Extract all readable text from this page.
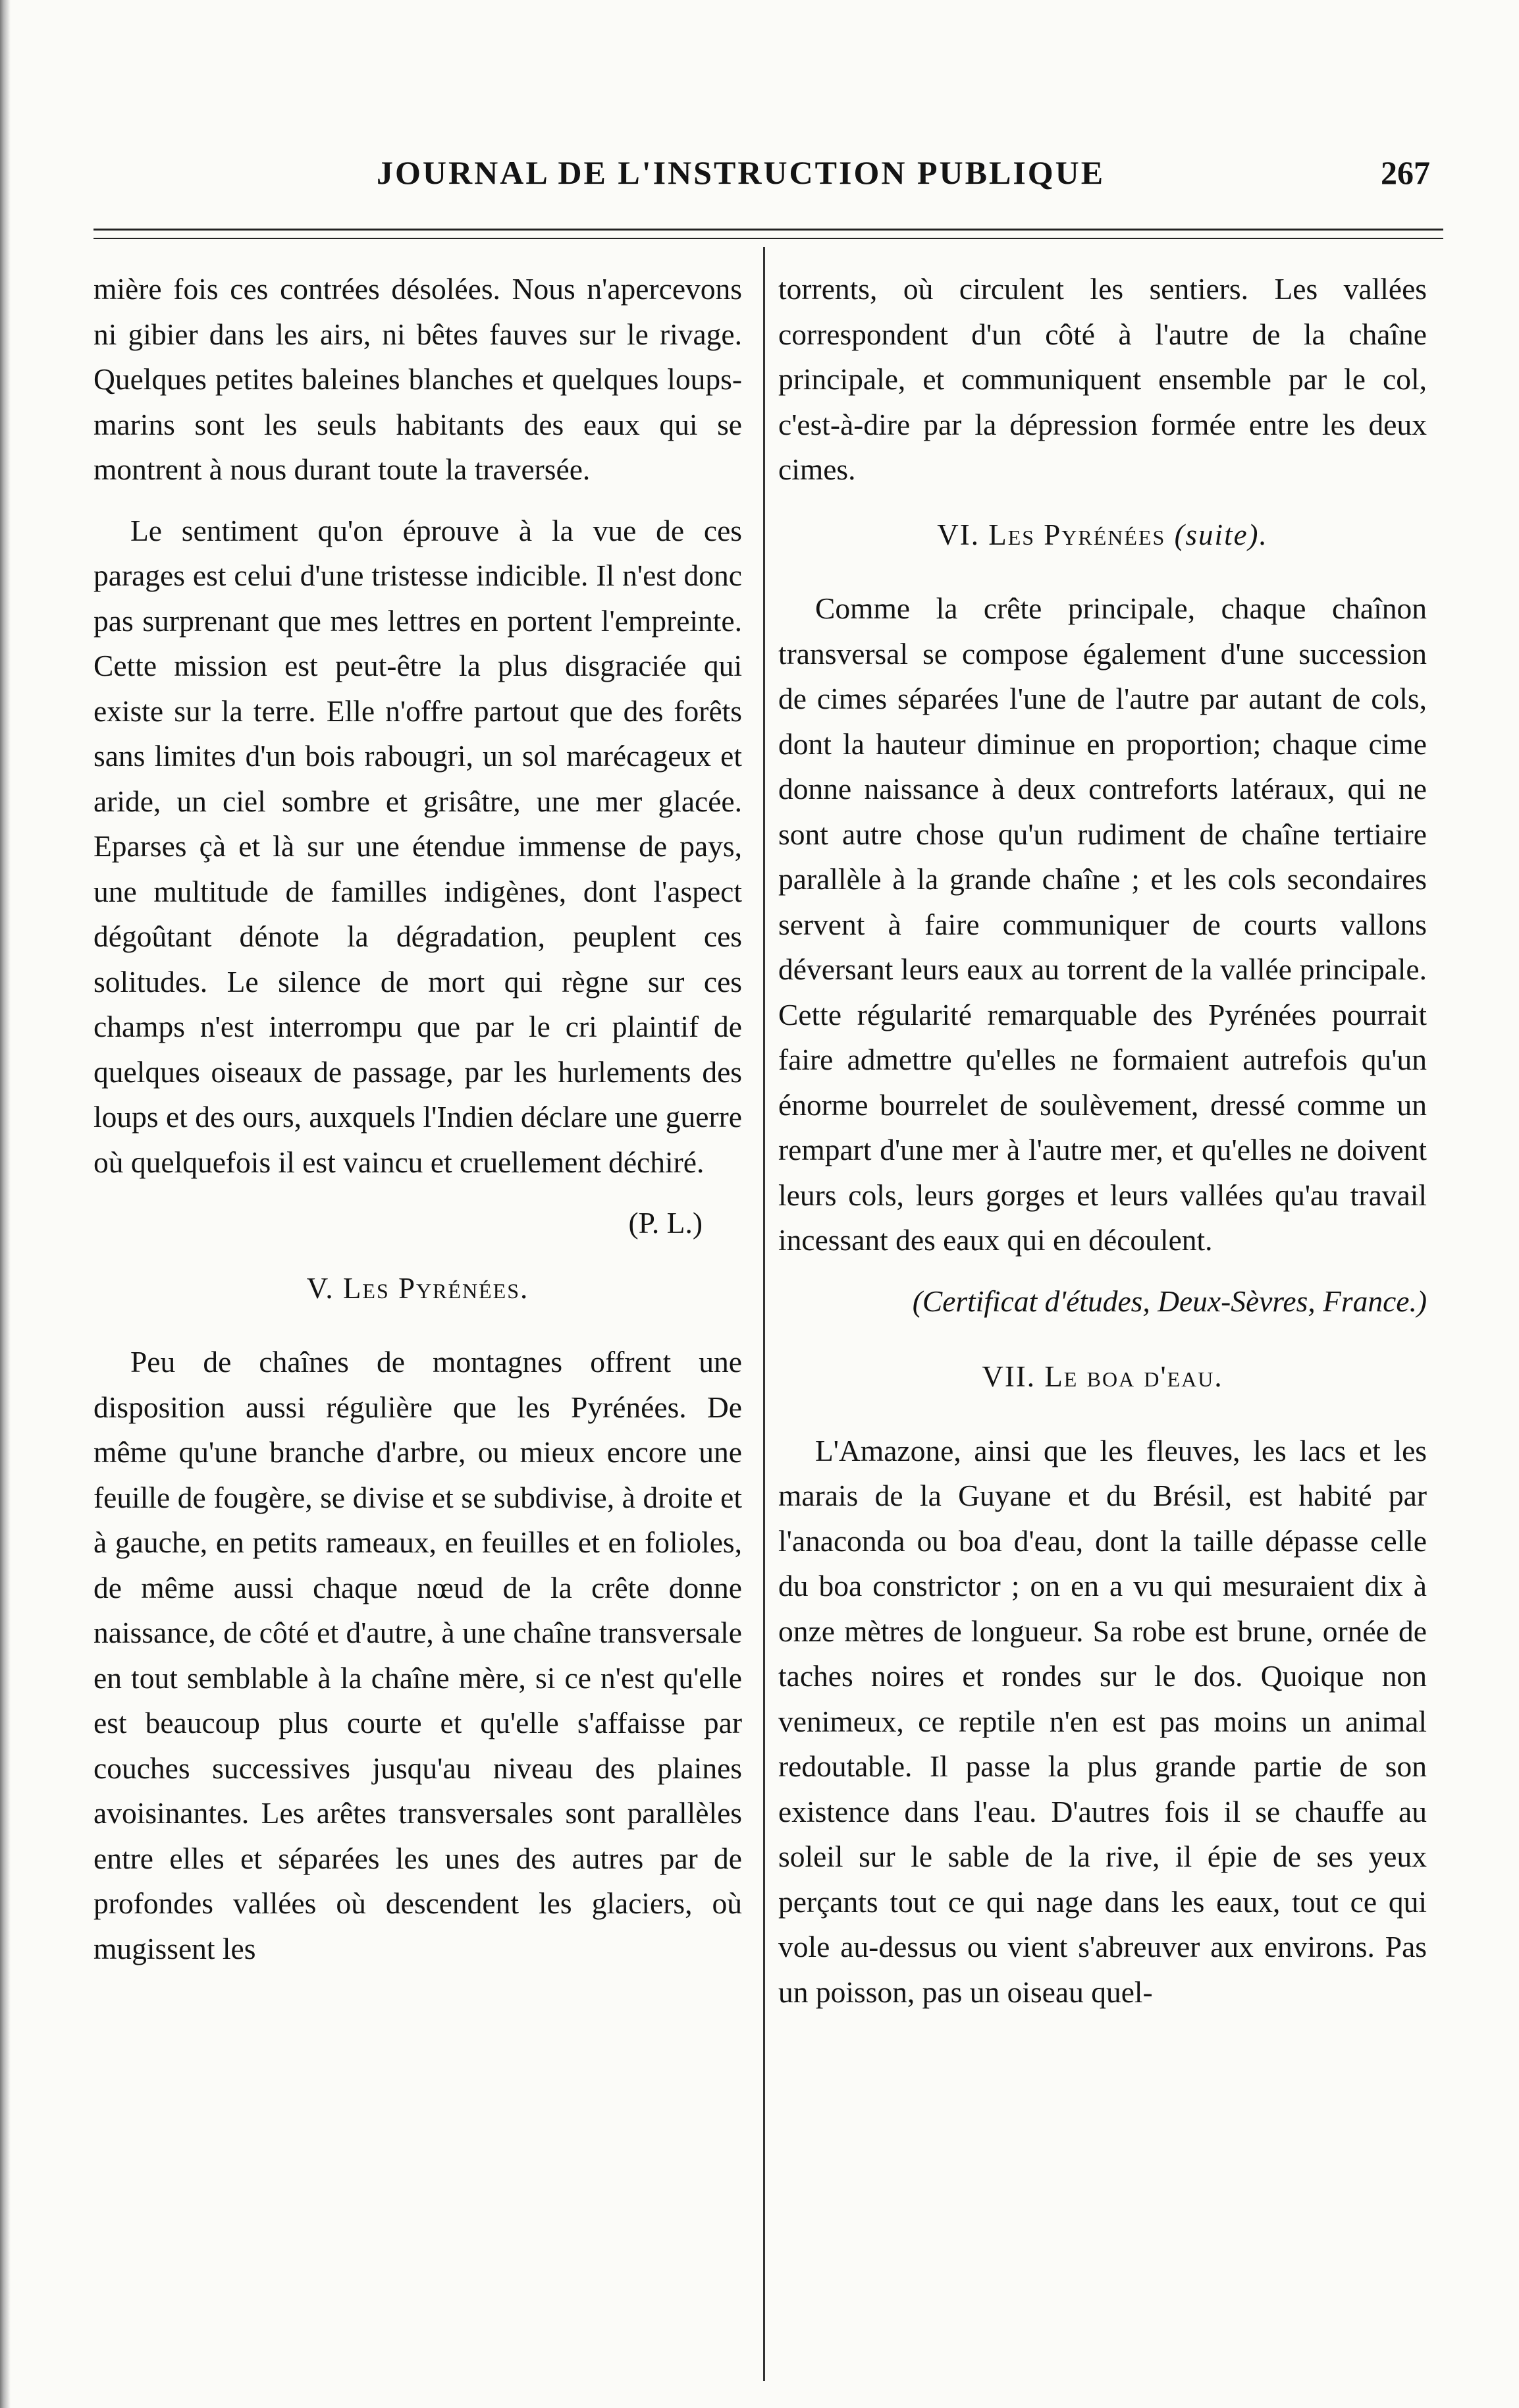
JOURNAL DE L'INSTRUCTION PUBLIQUE	267

mière fois ces contrées désolées. Nous n'apercevons ni gibier dans les airs, ni bêtes fauves sur le rivage. Quelques petites baleines blanches et quelques loups-marins sont les seuls habitants des eaux qui se montrent à nous durant toute la traversée.

Le sentiment qu'on éprouve à la vue de ces parages est celui d'une tristesse indicible. Il n'est donc pas surprenant que mes lettres en portent l'empreinte. Cette mission est peut-être la plus disgraciée qui existe sur la terre. Elle n'offre partout que des forêts sans limites d'un bois rabougri, un sol marécageux et aride, un ciel sombre et grisâtre, une mer glacée. Eparses çà et là sur une étendue immense de pays, une multitude de familles indigènes, dont l'aspect dégoûtant dénote la dégradation, peuplent ces solitudes. Le silence de mort qui règne sur ces champs n'est interrompu que par le cri plaintif de quelques oiseaux de passage, par les hurlements des loups et des ours, auxquels l'Indien déclare une guerre où quelquefois il est vaincu et cruellement déchiré.

(P. L.)
V. Les Pyrénées.

Peu de chaînes de montagnes offrent une disposition aussi régulière que les Pyrénées. De même qu'une branche d'arbre, ou mieux encore une feuille de fougère, se divise et se subdivise, à droite et à gauche, en petits rameaux, en feuilles et en folioles, de même aussi chaque nœud de la crête donne naissance, de côté et d'autre, à une chaîne transversale en tout semblable à la chaîne mère, si ce n'est qu'elle est beaucoup plus courte et qu'elle s'affaisse par couches successives jusqu'au niveau des plaines avoisinantes. Les arêtes transversales sont parallèles entre elles et séparées les unes des autres par de profondes vallées où descendent les glaciers, où mugissent les

torrents, où circulent les sentiers. Les vallées correspondent d'un côté à l'autre de la chaîne principale, et communiquent ensemble par le col, c'est-à-dire par la dépression formée entre les deux cimes.

VI. Les Pyrénées (suite).

Comme la crête principale, chaque chaînon transversal se compose également d'une succession de cimes séparées l'une de l'autre par autant de cols, dont la hauteur diminue en proportion; chaque cime donne naissance à deux contreforts latéraux, qui ne sont autre chose qu'un rudiment de chaîne tertiaire parallèle à la grande chaîne ; et les cols secondaires servent à faire communiquer de courts vallons déversant leurs eaux au torrent de la vallée principale. Cette régularité remarquable des Pyrénées pourrait faire admettre qu'elles ne formaient autrefois qu'un énorme bourrelet de soulèvement, dressé comme un rempart d'une mer à l'autre mer, et qu'elles ne doivent leurs cols, leurs gorges et leurs vallées qu'au travail incessant des eaux qui en découlent.

(Certificat d'études, Deux-Sèvres, France.)
VII. Le boa d'eau.

L'Amazone, ainsi que les fleuves, les lacs et les marais de la Guyane et du Brésil, est habité par l'anaconda ou boa d'eau, dont la taille dépasse celle du boa constrictor ; on en a vu qui mesuraient dix à onze mètres de longueur. Sa robe est brune, ornée de taches noires et rondes sur le dos. Quoique non venimeux, ce reptile n'en est pas moins un animal redoutable. Il passe la plus grande partie de son existence dans l'eau. D'autres fois il se chauffe au soleil sur le sable de la rive, il épie de ses yeux perçants tout ce qui nage dans les eaux, tout ce qui vole au-dessus ou vient s'abreuver aux environs. Pas un poisson, pas un oiseau quel-
